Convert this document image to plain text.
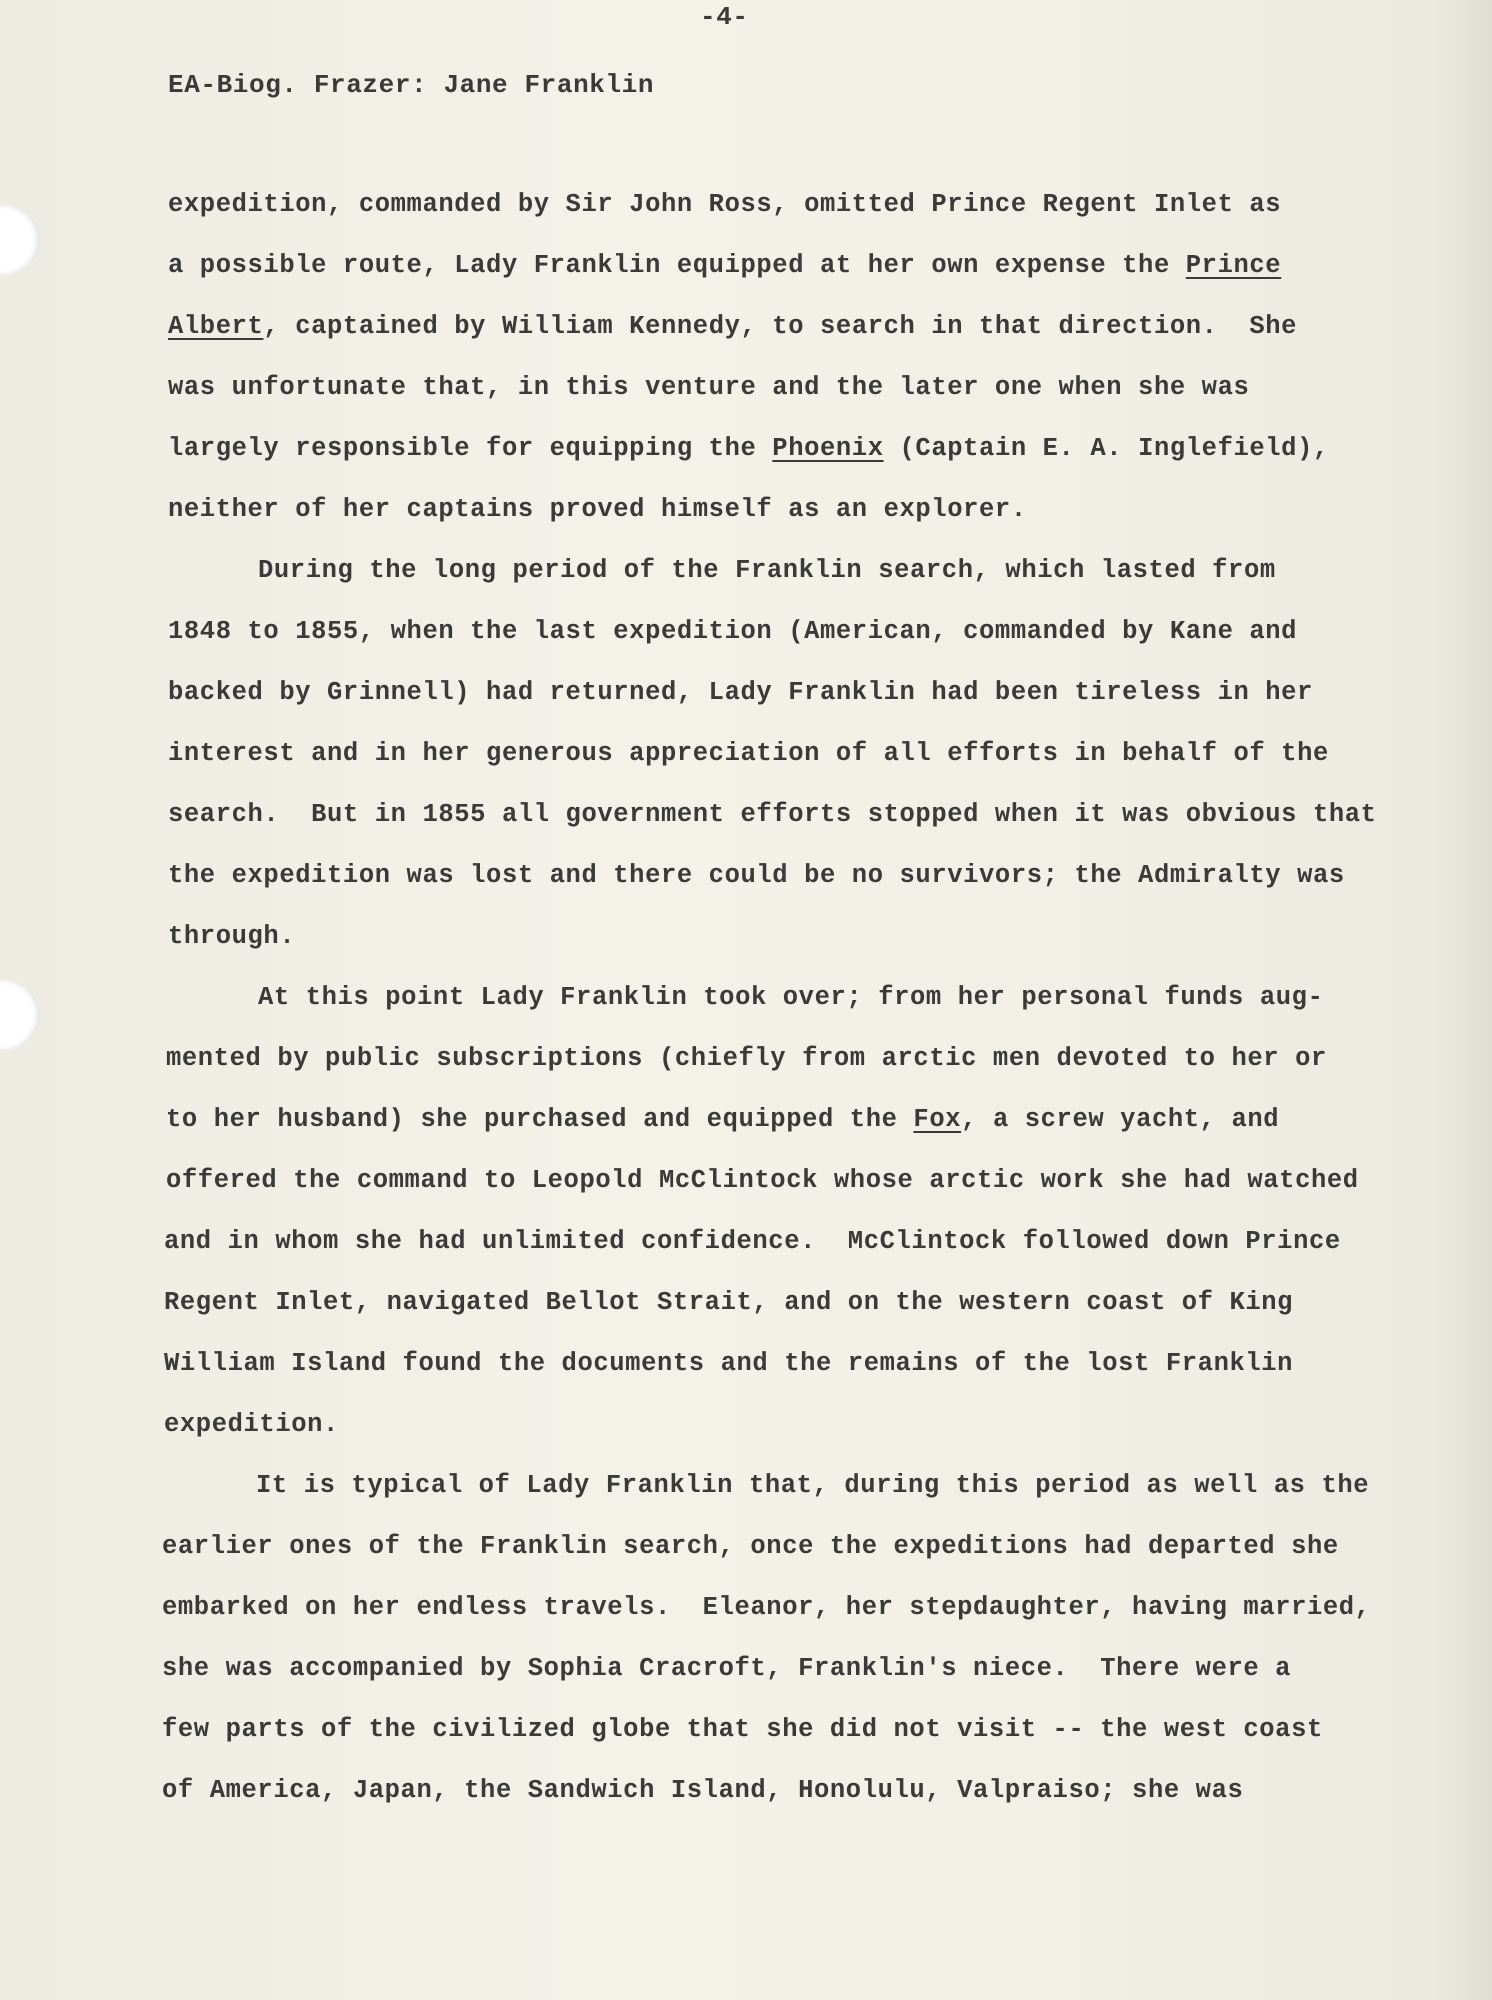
-4-
EA-Biog. Frazer: Jane Franklin
expedition, commanded by Sir John Ross, omitted Prince Regent Inlet as
a possible route, Lady Franklin equipped at her own expense the Prince
Albert, captained by William Kennedy, to search in that direction.  She
was unfortunate that, in this venture and the later one when she was
largely responsible for equipping the Phoenix (Captain E. A. Inglefield),
neither of her captains proved himself as an explorer.
During the long period of the Franklin search, which lasted from
1848 to 1855, when the last expedition (American, commanded by Kane and
backed by Grinnell) had returned, Lady Franklin had been tireless in her
interest and in her generous appreciation of all efforts in behalf of the
search.  But in 1855 all government efforts stopped when it was obvious that
the expedition was lost and there could be no survivors; the Admiralty was
through.
At this point Lady Franklin took over; from her personal funds aug-
mented by public subscriptions (chiefly from arctic men devoted to her or
to her husband) she purchased and equipped the Fox, a screw yacht, and
offered the command to Leopold McClintock whose arctic work she had watched
and in whom she had unlimited confidence.  McClintock followed down Prince
Regent Inlet, navigated Bellot Strait, and on the western coast of King
William Island found the documents and the remains of the lost Franklin
expedition.
It is typical of Lady Franklin that, during this period as well as the
earlier ones of the Franklin search, once the expeditions had departed she
embarked on her endless travels.  Eleanor, her stepdaughter, having married,
she was accompanied by Sophia Cracroft, Franklin's niece.  There were a
few parts of the civilized globe that she did not visit -- the west coast
of America, Japan, the Sandwich Island, Honolulu, Valpraiso; she was
